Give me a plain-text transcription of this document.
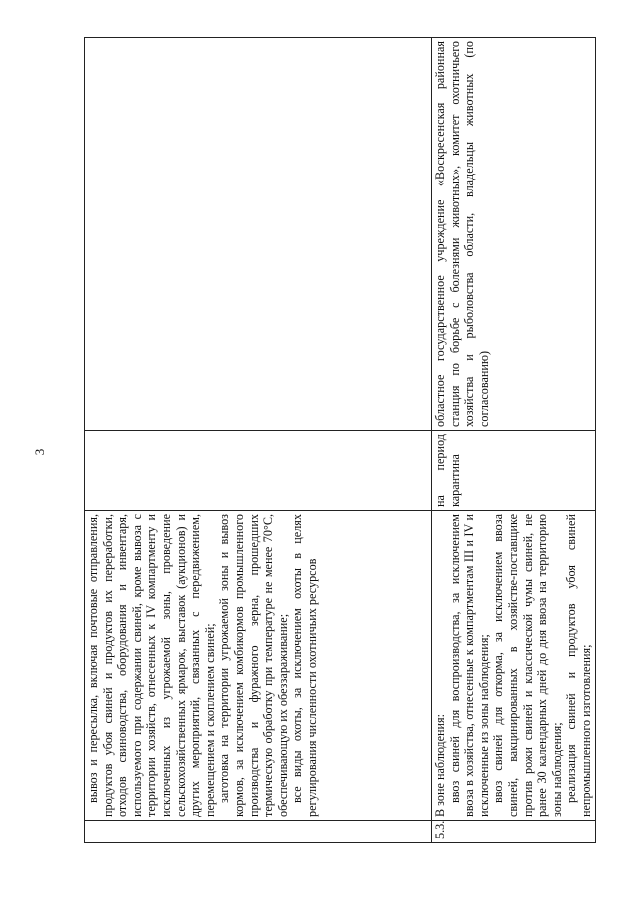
3

	вывоз и пересылка, включая почтовые отправления, продуктов убоя свиней и продуктов их переработки, отходов свиноводства, оборудования и инвентаря, используемого при содержании свиней, кроме вывоза с территории хозяйств, отнесенных к IV компартменту и исключенных из угрожаемой зоны, проведение сельскохозяйственных ярмарок, выставок (аукционов) и других мероприятий, связанных с передвижением, перемещением и скоплением свиней; заготовка на территории угрожаемой зоны и вывоз кормов, за исключением комбикормов промышленного производства и фуражного зерна, прошедших термическую обработку при температуре не менее 70°С, обеспечивающую их обеззараживание; все виды охоты, за исключением охоты в целях регулирования численности охотничьих ресурсов		

5.3.	В зоне наблюдения: ввоз свиней для воспроизводства, за исключением ввоза в хозяйства, отнесенные к компартментам III и IV и исключенные из зоны наблюдения; ввоз свиней для откорма, за исключением ввоза свиней, вакцинированных в хозяйстве-поставщике против рожи свиней и классической чумы свиней, не ранее 30 календарных дней до дня ввоза на территорию зоны наблюдения; реализация свиней и продуктов убоя свиней непромышленного изготовления;	на период карантина	областное государственное учреждение «Воскресенская районная станция по борьбе с болезнями животных», комитет охотничьего хозяйства и рыболовства области, владельцы животных (по согласованию)
